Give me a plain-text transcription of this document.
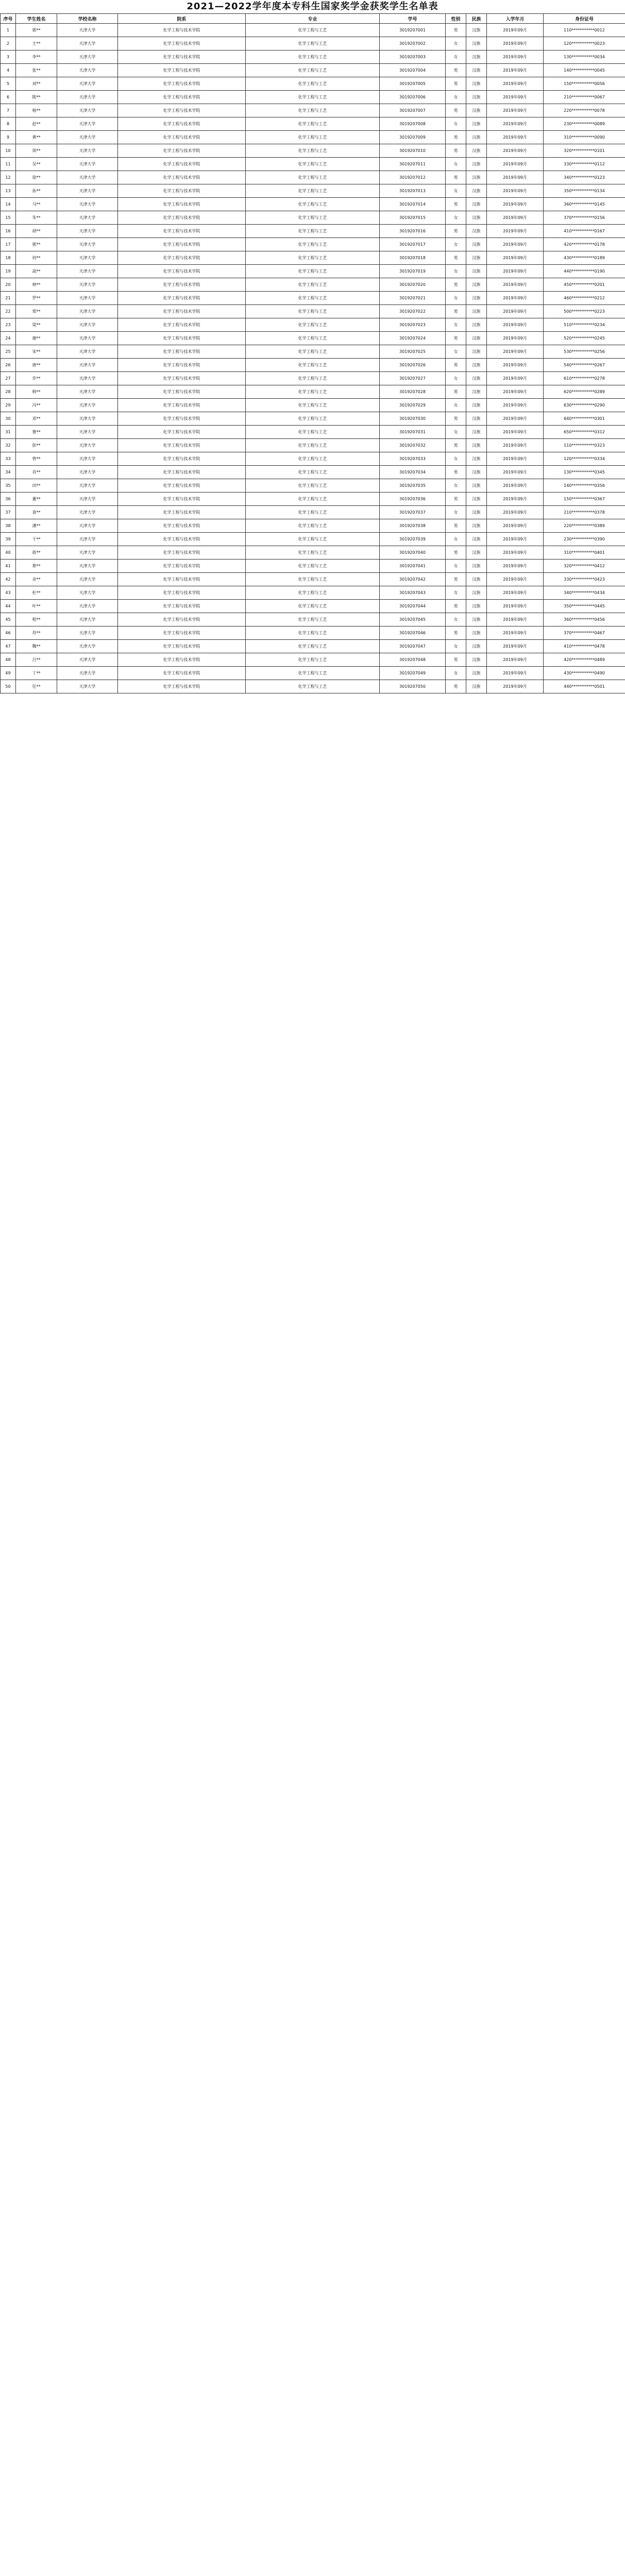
2021—2022学年度本专科生国家奖学金获奖学生名单表
序号	学生姓名	学校名称	院系	专业	学号	性别	民族	入学年月	身份证号
1	郭**	天津大学	化学工程与技术学院	化学工程与工艺	3019207001	男	汉族	2019年09月	110***********0012
2	王**	天津大学	化学工程与技术学院	化学工程与工艺	3019207002	女	汉族	2019年09月	120***********0023
3	李**	天津大学	化学工程与技术学院	化学工程与工艺	3019207003	女	汉族	2019年09月	130***********0034
4	张**	天津大学	化学工程与技术学院	化学工程与工艺	3019207004	男	汉族	2019年09月	140***********0045
5	刘**	天津大学	化学工程与技术学院	化学工程与工艺	3019207005	男	汉族	2019年09月	150***********0056
6	陈**	天津大学	化学工程与技术学院	化学工程与工艺	3019207006	女	汉族	2019年09月	210***********0067
7	杨**	天津大学	化学工程与技术学院	化学工程与工艺	3019207007	男	汉族	2019年09月	220***********0078
8	赵**	天津大学	化学工程与技术学院	化学工程与工艺	3019207008	女	汉族	2019年09月	230***********0089
9	黄**	天津大学	化学工程与技术学院	化学工程与工艺	3019207009	男	汉族	2019年09月	310***********0090
10	周**	天津大学	化学工程与技术学院	化学工程与工艺	3019207010	男	汉族	2019年09月	320***********0101
11	吴**	天津大学	化学工程与技术学院	化学工程与工艺	3019207011	女	汉族	2019年09月	330***********0112
12	徐**	天津大学	化学工程与技术学院	化学工程与工艺	3019207012	男	汉族	2019年09月	340***********0123
13	孙**	天津大学	化学工程与技术学院	化学工程与工艺	3019207013	女	汉族	2019年09月	350***********0134
14	马**	天津大学	化学工程与技术学院	化学工程与工艺	3019207014	男	汉族	2019年09月	360***********0145
15	朱**	天津大学	化学工程与技术学院	化学工程与工艺	3019207015	女	汉族	2019年09月	370***********0156
16	胡**	天津大学	化学工程与技术学院	化学工程与工艺	3019207016	男	汉族	2019年09月	410***********0167
17	郭**	天津大学	化学工程与技术学院	化学工程与工艺	3019207017	女	汉族	2019年09月	420***********0178
18	何**	天津大学	化学工程与技术学院	化学工程与工艺	3019207018	男	汉族	2019年09月	430***********0189
19	高**	天津大学	化学工程与技术学院	化学工程与工艺	3019207019	女	汉族	2019年09月	440***********0190
20	林**	天津大学	化学工程与技术学院	化学工程与工艺	3019207020	男	汉族	2019年09月	450***********0201
21	罗**	天津大学	化学工程与技术学院	化学工程与工艺	3019207021	女	汉族	2019年09月	460***********0212
22	郑**	天津大学	化学工程与技术学院	化学工程与工艺	3019207022	男	汉族	2019年09月	500***********0223
23	梁**	天津大学	化学工程与技术学院	化学工程与工艺	3019207023	女	汉族	2019年09月	510***********0234
24	谢**	天津大学	化学工程与技术学院	化学工程与工艺	3019207024	男	汉族	2019年09月	520***********0245
25	宋**	天津大学	化学工程与技术学院	化学工程与工艺	3019207025	女	汉族	2019年09月	530***********0256
26	唐**	天津大学	化学工程与技术学院	化学工程与工艺	3019207026	男	汉族	2019年09月	540***********0267
27	许**	天津大学	化学工程与技术学院	化学工程与工艺	3019207027	女	汉族	2019年09月	610***********0278
28	韩**	天津大学	化学工程与技术学院	化学工程与工艺	3019207028	男	汉族	2019年09月	620***********0289
29	冯**	天津大学	化学工程与技术学院	化学工程与工艺	3019207029	女	汉族	2019年09月	630***********0290
30	邓**	天津大学	化学工程与技术学院	化学工程与工艺	3019207030	男	汉族	2019年09月	640***********0301
31	曹**	天津大学	化学工程与技术学院	化学工程与工艺	3019207031	女	汉族	2019年09月	650***********0312
32	彭**	天津大学	化学工程与技术学院	化学工程与工艺	3019207032	男	汉族	2019年09月	110***********0323
33	曾**	天津大学	化学工程与技术学院	化学工程与工艺	3019207033	女	汉族	2019年09月	120***********0334
34	肖**	天津大学	化学工程与技术学院	化学工程与工艺	3019207034	男	汉族	2019年09月	130***********0345
35	田**	天津大学	化学工程与技术学院	化学工程与工艺	3019207035	女	汉族	2019年09月	140***********0356
36	董**	天津大学	化学工程与技术学院	化学工程与工艺	3019207036	男	汉族	2019年09月	150***********0367
37	袁**	天津大学	化学工程与技术学院	化学工程与工艺	3019207037	女	汉族	2019年09月	210***********0378
38	潘**	天津大学	化学工程与技术学院	化学工程与工艺	3019207038	男	汉族	2019年09月	220***********0389
39	于**	天津大学	化学工程与技术学院	化学工程与工艺	3019207039	女	汉族	2019年09月	230***********0390
40	蒋**	天津大学	化学工程与技术学院	化学工程与工艺	3019207040	男	汉族	2019年09月	310***********0401
41	蔡**	天津大学	化学工程与技术学院	化学工程与工艺	3019207041	女	汉族	2019年09月	320***********0412
42	余**	天津大学	化学工程与技术学院	化学工程与工艺	3019207042	男	汉族	2019年09月	330***********0423
43	杜**	天津大学	化学工程与技术学院	化学工程与工艺	3019207043	女	汉族	2019年09月	340***********0434
44	叶**	天津大学	化学工程与技术学院	化学工程与工艺	3019207044	男	汉族	2019年09月	350***********0445
45	程**	天津大学	化学工程与技术学院	化学工程与工艺	3019207045	女	汉族	2019年09月	360***********0456
46	苏**	天津大学	化学工程与技术学院	化学工程与工艺	3019207046	男	汉族	2019年09月	370***********0467
47	魏**	天津大学	化学工程与技术学院	化学工程与工艺	3019207047	女	汉族	2019年09月	410***********0478
48	吕**	天津大学	化学工程与技术学院	化学工程与工艺	3019207048	男	汉族	2019年09月	420***********0489
49	丁**	天津大学	化学工程与技术学院	化学工程与工艺	3019207049	女	汉族	2019年09月	430***********0490
50	任**	天津大学	化学工程与技术学院	化学工程与工艺	3019207050	男	汉族	2019年09月	440***********0501
